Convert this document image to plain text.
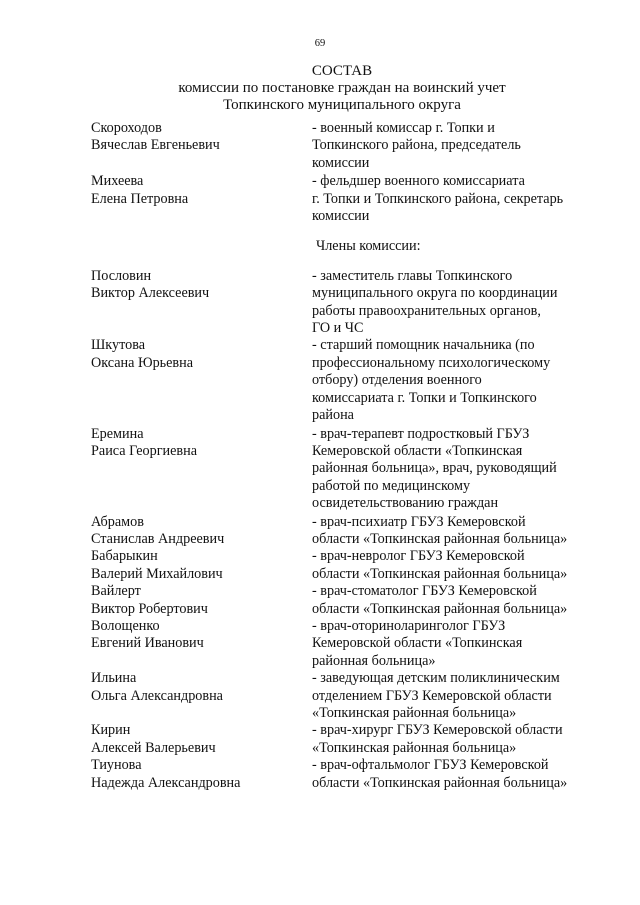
69
СОСТАВ
комиссии по постановке граждан на воинский учет
Топкинского муниципального округа
Скороходов
Вячеслав Евгеньевич
- военный комиссар г. Топки и
Топкинского района, председатель
комиссии
Михеева
Елена Петровна
- фельдшер военного комиссариата
г. Топки и Топкинского района, секретарь
комиссии
Члены комиссии:
Пословин
Виктор Алексеевич
- заместитель главы Топкинского
муниципального округа по координации
работы правоохранительных органов,
ГО и ЧС
Шкутова
Оксана Юрьевна
- старший помощник начальника (по
профессиональному психологическому
отбору) отделения военного
комиссариата г. Топки и Топкинского
района
Еремина
Раиса Георгиевна
- врач-терапевт подростковый ГБУЗ
Кемеровской области «Топкинская
районная больница», врач, руководящий
работой по медицинскому
освидетельствованию граждан
Абрамов
Станислав Андреевич
- врач-психиатр ГБУЗ Кемеровской
области «Топкинская районная больница»
Бабарыкин
Валерий Михайлович
- врач-невролог ГБУЗ Кемеровской
области «Топкинская районная больница»
Вайлерт
Виктор Робертович
- врач-стоматолог ГБУЗ Кемеровской
области «Топкинская районная больница»
Волощенко
Евгений Иванович
- врач-оториноларинголог ГБУЗ
Кемеровской области «Топкинская
районная больница»
Ильина
Ольга Александровна
- заведующая детским поликлиническим
отделением ГБУЗ Кемеровской области
«Топкинская районная больница»
Кирин
Алексей Валерьевич
- врач-хирург ГБУЗ Кемеровской области
«Топкинская районная больница»
Тиунова
Надежда Александровна
- врач-офтальмолог ГБУЗ Кемеровской
области «Топкинская районная больница»
